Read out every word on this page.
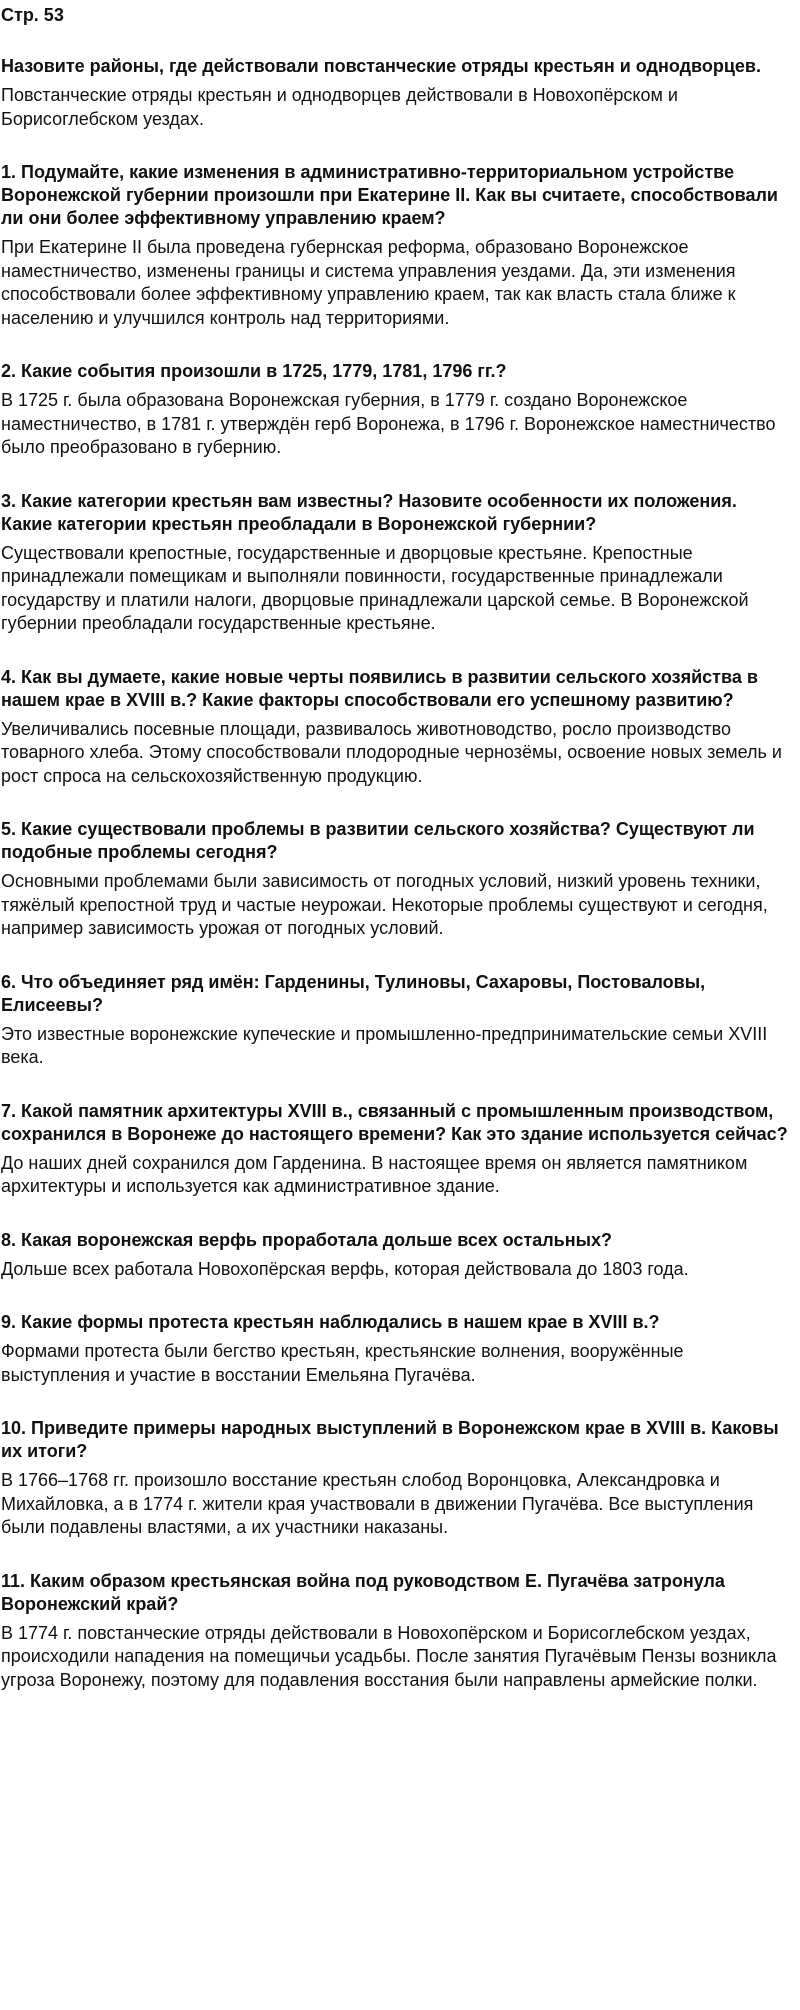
Стр. 53
Назовите районы, где действовали повстанческие отряды крестьян и однодворцев.
Повстанческие отряды крестьян и однодворцев действовали в Новохопёрском и Борисоглебском уездах.
1. Подумайте, какие изменения в административно-территориальном устройстве Воронежской губернии произошли при Екатерине II. Как вы считаете, способствовали ли они более эффективному управлению краем?
При Екатерине II была проведена губернская реформа, образовано Воронежское наместничество, изменены границы и система управления уездами. Да, эти изменения способствовали более эффективному управлению краем, так как власть стала ближе к населению и улучшился контроль над территориями.
2. Какие события произошли в 1725, 1779, 1781, 1796 гг.?
В 1725 г. была образована Воронежская губерния, в 1779 г. создано Воронежское наместничество, в 1781 г. утверждён герб Воронежа, в 1796 г. Воронежское наместничество было преобразовано в губернию.
3. Какие категории крестьян вам известны? Назовите особенности их положения. Какие категории крестьян преобладали в Воронежской губернии?
Существовали крепостные, государственные и дворцовые крестьяне. Крепостные принадлежали помещикам и выполняли повинности, государственные принадлежали государству и платили налоги, дворцовые принадлежали царской семье. В Воронежской губернии преобладали государственные крестьяне.
4. Как вы думаете, какие новые черты появились в развитии сельского хозяйства в нашем крае в XVIII в.? Какие факторы способствовали его успешному развитию?
Увеличивались посевные площади, развивалось животноводство, росло производство товарного хлеба. Этому способствовали плодородные чернозёмы, освоение новых земель и рост спроса на сельскохозяйственную продукцию.
5. Какие существовали проблемы в развитии сельского хозяйства? Существуют ли подобные проблемы сегодня?
Основными проблемами были зависимость от погодных условий, низкий уровень техники, тяжёлый крепостной труд и частые неурожаи. Некоторые проблемы существуют и сегодня, например зависимость урожая от погодных условий.
6. Что объединяет ряд имён: Гарденины, Тулиновы, Сахаровы, Постоваловы, Елисеевы?
Это известные воронежские купеческие и промышленно-предпринимательские семьи XVIII века.
7. Какой памятник архитектуры XVIII в., связанный с промышленным производством, сохранился в Воронеже до настоящего времени? Как это здание используется сейчас?
До наших дней сохранился дом Гарденина. В настоящее время он является памятником архитектуры и используется как административное здание.
8. Какая воронежская верфь проработала дольше всех остальных?
Дольше всех работала Новохопёрская верфь, которая действовала до 1803 года.
9. Какие формы протеста крестьян наблюдались в нашем крае в XVIII в.?
Формами протеста были бегство крестьян, крестьянские волнения, вооружённые выступления и участие в восстании Емельяна Пугачёва.
10. Приведите примеры народных выступлений в Воронежском крае в XVIII в. Каковы их итоги?
В 1766–1768 гг. произошло восстание крестьян слобод Воронцовка, Александровка и Михайловка, а в 1774 г. жители края участвовали в движении Пугачёва. Все выступления были подавлены властями, а их участники наказаны.
11. Каким образом крестьянская война под руководством Е. Пугачёва затронула Воронежский край?
В 1774 г. повстанческие отряды действовали в Новохопёрском и Борисоглебском уездах, происходили нападения на помещичьи усадьбы. После занятия Пугачёвым Пензы возникла угроза Воронежу, поэтому для подавления восстания были направлены армейские полки.
